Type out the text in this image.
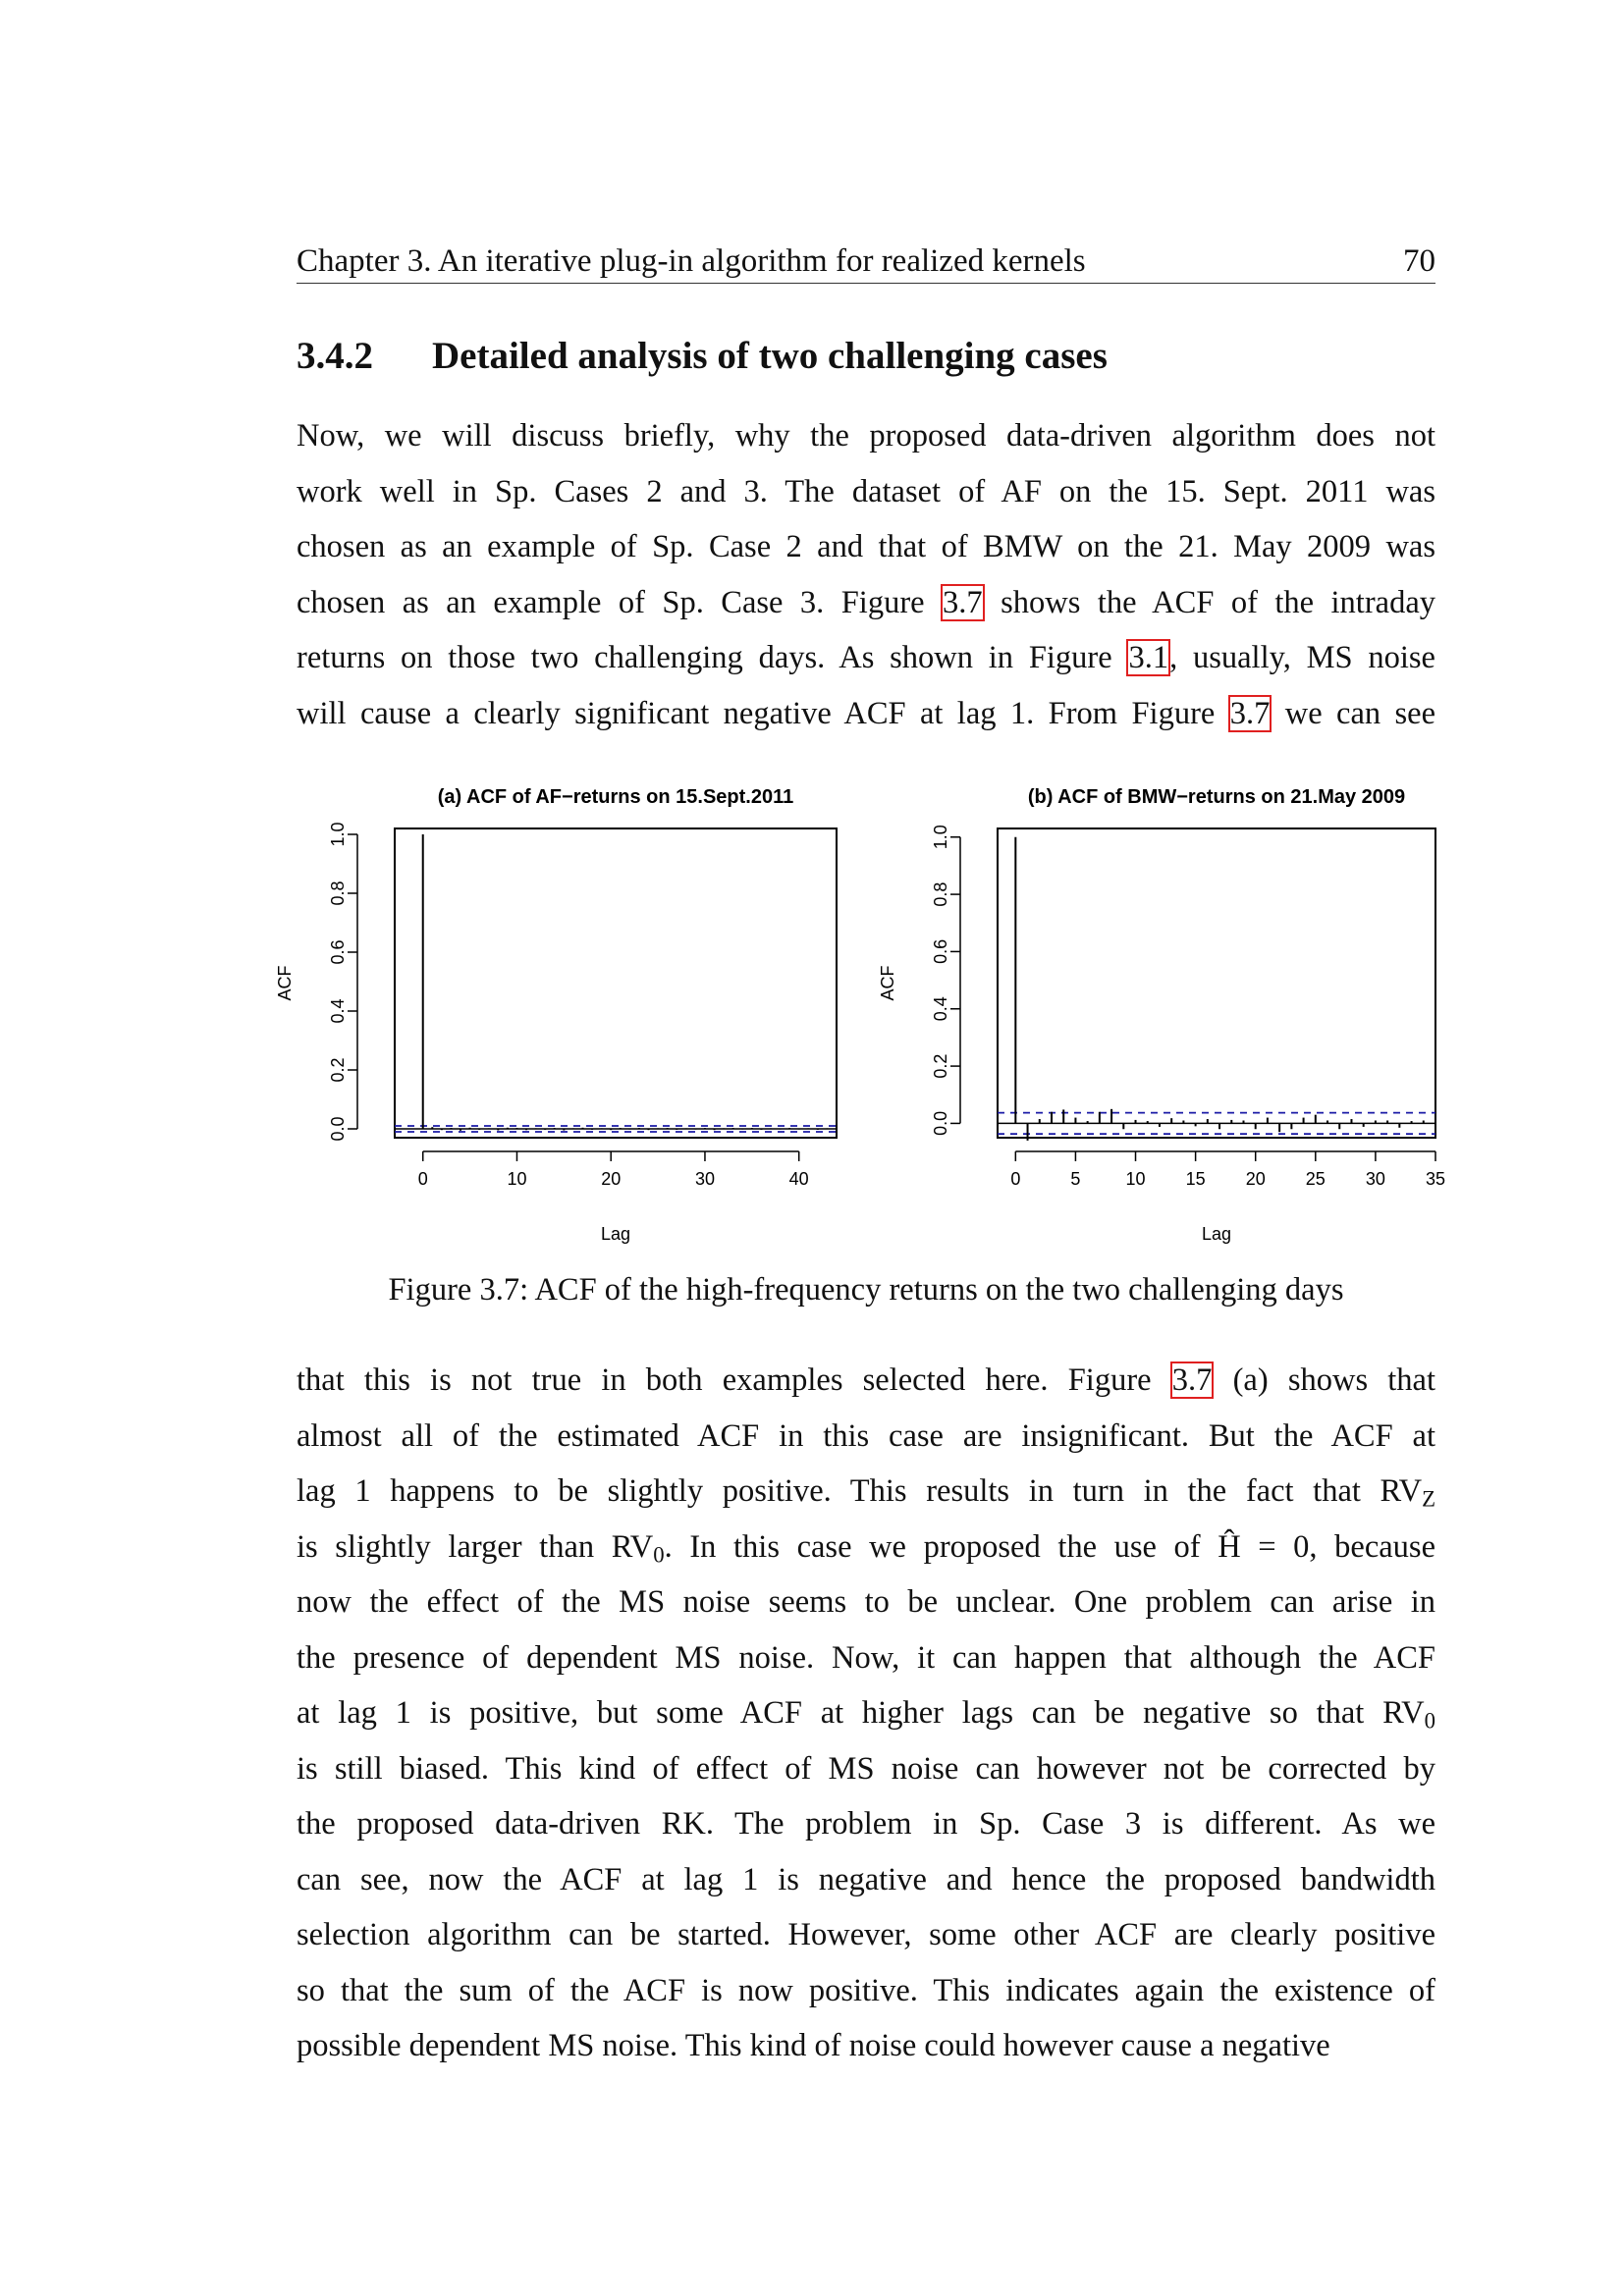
Chapter 3. An iterative plug-in algorithm for realized kernels	70
3.4.2 Detailed analysis of two challenging cases
Now, we will discuss briefly, why the proposed data-driven algorithm does not
work well in Sp. Cases 2 and 3. The dataset of AF on the 15. Sept. 2011 was
chosen as an example of Sp. Case 2 and that of BMW on the 21. May 2009 was
chosen as an example of Sp. Case 3. Figure 3.7 shows the ACF of the intraday
returns on those two challenging days. As shown in Figure 3.1, usually, MS noise
will cause a clearly significant negative ACF at lag 1. From Figure 3.7 we can see
(a) ACF of AF−returns on 15.Sept.2011
0.0
0.2
0.4
0.6
0.8
1.0
ACF
0	10	20	30	40
Lag
(b) ACF of BMW−returns on 21.May 2009
0.0
0.2
0.4
0.6
0.8
1.0
ACF
0	5	10 15 20 25 30 35
Lag
Figure 3.7: ACF of the high-frequency returns on the two challenging days
that this is not true in both examples selected here. Figure 3.7 (a) shows that
almost all of the estimated ACF in this case are insignificant. But the ACF at
lag 1 happens to be slightly positive. This results in turn in the fact that $RV_Z$
is slightly larger than $RV_0$. In this case we proposed the use of Ĥ = 0, because
now the effect of the MS noise seems to be unclear. One problem can arise in
the presence of dependent MS noise. Now, it can happen that although the ACF
at lag 1 is positive, but some ACF at higher lags can be negative so that $RV_0$
is still biased. This kind of effect of MS noise can however not be corrected by
the proposed data-driven RK. The problem in Sp. Case 3 is different. As we
can see, now the ACF at lag 1 is negative and hence the proposed bandwidth
selection algorithm can be started. However, some other ACF are clearly positive
so that the sum of the ACF is now positive. This indicates again the existence of
possible dependent MS noise. This kind of noise could however cause a negative
